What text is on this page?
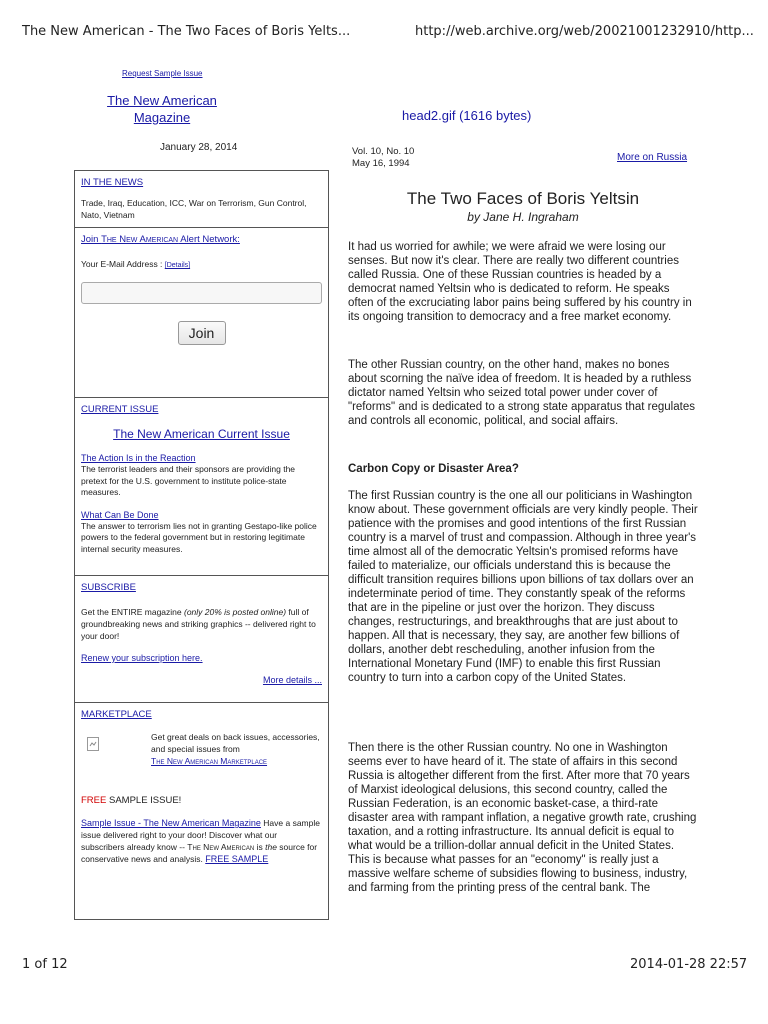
The New American - The Two Faces of Boris Yelts...	http://web.archive.org/web/20021001232910/http...
Request Sample Issue
The New American
Magazine	head2.gif (1616 bytes)
January 28, 2014
IN THE NEWS
Trade, Iraq, Education, ICC, War on Terrorism, Gun Control, Nato, Vietnam
Join The New American Alert Network:
Your E-Mail Address : [Details]
Join
CURRENT ISSUE
The New American Current Issue
The Action Is in the Reaction
The terrorist leaders and their sponsors are providing the pretext for the U.S. government to institute police-state measures.
What Can Be Done
The answer to terrorism lies not in granting Gestapo-like police powers to the federal government but in restoring legitimate internal security measures.
SUBSCRIBE
Get the ENTIRE magazine (only 20% is posted online) full of groundbreaking news and striking graphics -- delivered right to your door!
Renew your subscription here.
More details ...
MARKETPLACE
Get great deals on back issues, accessories, and special issues from
The New American Marketplace
FREE SAMPLE ISSUE!
Sample Issue - The New American Magazine Have a sample issue delivered right to your door! Discover what our subscribers already know -- The New American is the source for conservative news and analysis. FREE SAMPLE
Vol. 10, No. 10
May 16, 1994
More on Russia
The Two Faces of Boris Yeltsin
by Jane H. Ingraham
It had us worried for awhile; we were afraid we were losing our senses. But now it's clear. There are really two different countries called Russia. One of these Russian countries is headed by a democrat named Yeltsin who is dedicated to reform. He speaks often of the excruciating labor pains being suffered by his country in its ongoing transition to democracy and a free market economy.
The other Russian country, on the other hand, makes no bones about scorning the naïve idea of freedom. It is headed by a ruthless dictator named Yeltsin who seized total power under cover of "reforms" and is dedicated to a strong state apparatus that regulates and controls all economic, political, and social affairs.
Carbon Copy or Disaster Area?
The first Russian country is the one all our politicians in Washington know about. These government officials are very kindly people. Their patience with the promises and good intentions of the first Russian country is a marvel of trust and compassion. Although in three year's time almost all of the democratic Yeltsin's promised reforms have failed to materialize, our officials understand this is because the difficult transition requires billions upon billions of tax dollars over an indeterminate period of time. They constantly speak of the reforms that are in the pipeline or just over the horizon. They discuss changes, restructurings, and breakthroughs that are just about to happen. All that is necessary, they say, are another few billions of dollars, another debt rescheduling, another infusion from the International Monetary Fund (IMF) to enable this first Russian country to turn into a carbon copy of the United States.
Then there is the other Russian country. No one in Washington seems ever to have heard of it. The state of affairs in this second Russia is altogether different from the first. After more that 70 years of Marxist ideological delusions, this second country, called the Russian Federation, is an economic basket-case, a third-rate disaster area with rampant inflation, a negative growth rate, crushing taxation, and a rotting infrastructure. Its annual deficit is equal to what would be a trillion-dollar annual deficit in the United States. This is because what passes for an "economy" is really just a massive welfare scheme of subsidies flowing to business, industry, and farming from the printing press of the central bank. The
1 of 12	2014-01-28 22:57
